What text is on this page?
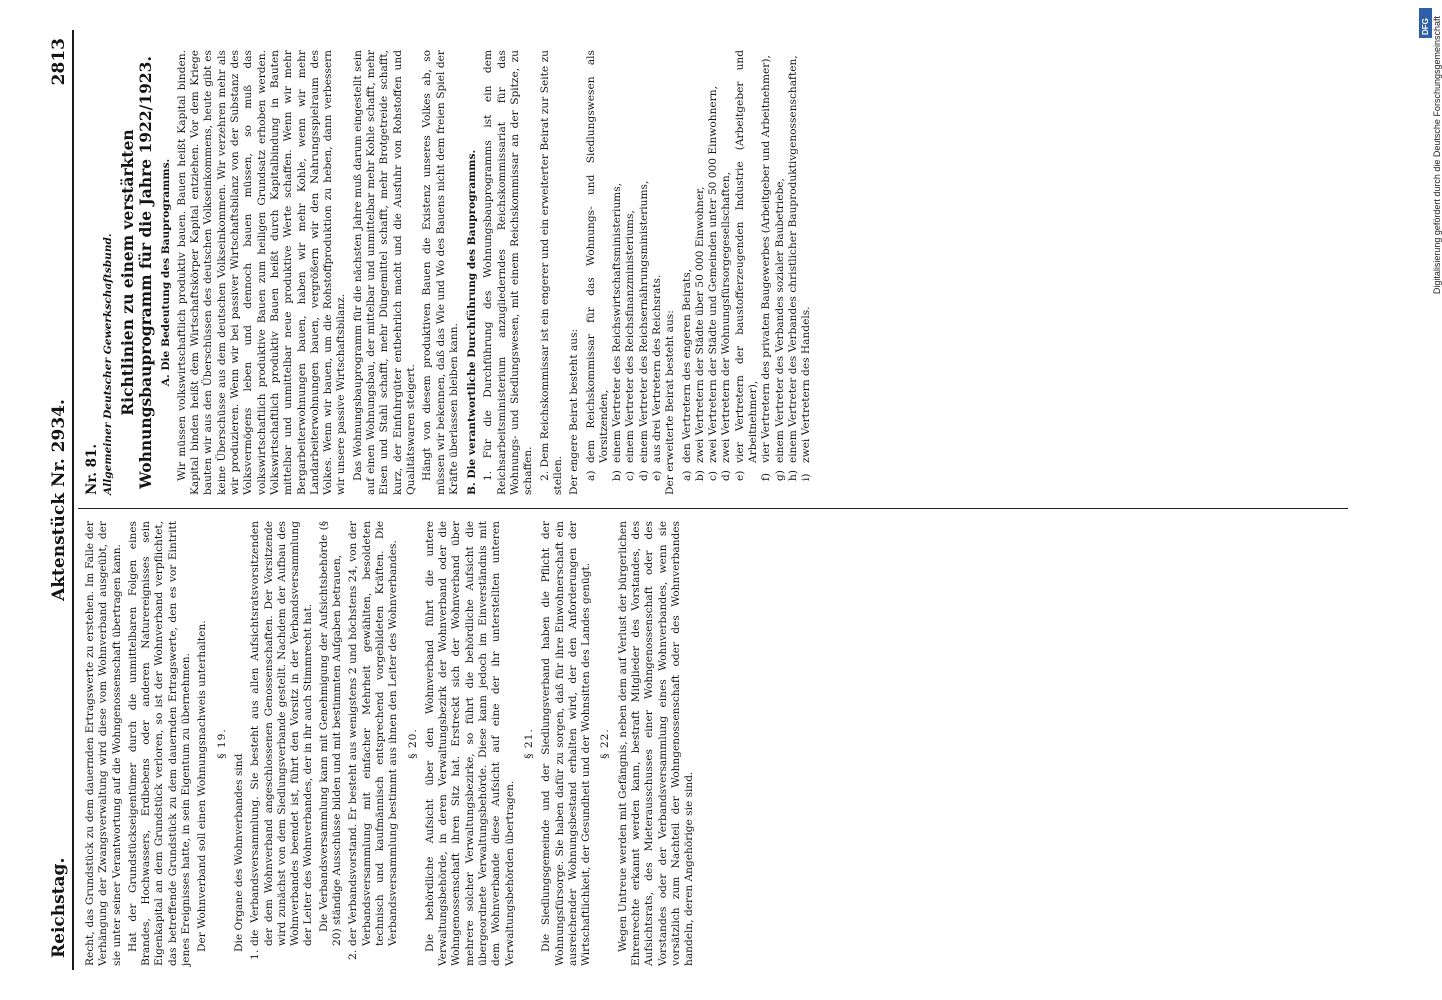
Reichstag.
Aktenstück Nr. 2934.
2813

Recht, das Grundstück zu dem dauernden Ertragswerte zu erstehen. Im Falle der Verhängung der Zwangsverwaltung wird diese vom Wohnverband ausgeübt, der sie unter seiner Verantwortung auf die Wohngenossenschaft übertragen kann. Hat der Grundstückseigentümer durch die unmittelbaren Folgen eines Brandes, Hochwassers, Erdbebens oder anderen Naturereignisses sein Eigenkapital an dem Grundstück verloren, so ist der Wohnverband verpflichtet, das betreffende Grundstück zu dem dauernden Ertragswerte, den es vor Eintritt jenes Ereignisses hatte, in sein Eigentum zu übernehmen. Der Wohnverband soll einen Wohnungsnachweis unterhalten. § 19.

Die Organe des Wohnverbandes sind

1.die Verbandsversammlung. Sie besteht aus allen Aufsichtsratsvorsitzenden der dem Wohnverband angeschlossenen Genossenschaften. Der Vorsitzende wird zunächst von dem Siedlungsverbande gestellt. Nachdem der Aufbau des Wohnverbandes beendet ist, führt den Vorsitz in der Verbandsversammlung der Leiter des Wohnverbandes, der in ihr auch Stimmrecht hat. Die Verbandsversammlung kann mit Genehmigung der Aufsichtsbehörde (§ 20) ständige Ausschüsse bilden und mit bestimmten Aufgaben betrauen,

2.der Verbandsvorstand. Er besteht aus wenigstens 2 und höchstens 24, von der Verbandsversammlung mit einfacher Mehrheit gewählten, besoldeten technisch und kaufmännisch entsprechend vorgebildeten Kräften. Die Verbandsversammlung bestimmt aus ihnen den Leiter des Wohnverbandes. § 20. Die behördliche Aufsicht über den Wohnverband führt die untere Verwaltungsbehörde, in deren Verwaltungsbezirk der Wohnverband oder die Wohngenossenschaft ihren Sitz hat. Erstreckt sich der Wohnverband über mehrere solcher Verwaltungsbezirke, so führt die behördliche Aufsicht die übergeordnete Verwaltungsbehörde. Diese kann jedoch im Einverständnis mit dem Wohnverbande diese Aufsicht auf eine der ihr unterstellten unteren Verwaltungsbehörden übertragen.

§ 21. Die Siedlungsgemeinde und der Siedlungsverband haben die Pflicht der Wohnungsfürsorge. Sie haben dafür zu sorgen, daß für ihre Einwohnerschaft ein ausreichender Wohnungsbestand erhalten wird, der den Anforderungen der Wirtschaftlichkeit, der Gesundheit und der Wohnsitten des Landes genügt. § 22. Wegen Untreue werden mit Gefängnis, neben dem auf Verlust der bürgerlichen Ehrenrechte erkannt werden kann, bestraft Mitglieder des Vorstandes, des Aufsichtsrats, des Mieterausschusses einer Wohngenossenschaft oder des Vorstandes oder der Verbandsversammlung eines Wohnverbandes, wenn sie vorsätzlich zum Nachteil der Wohngenossenschaft oder des Wohnverbandes handeln, deren Angehörige sie sind.

Nr. 81. Allgemeiner Deutscher Gewerkschaftsbund. Richtlinien zu einem verstärkten Wohnungsbauprogramm für die Jahre 1922/1923. A. Die Bedeutung des Bauprogramms. Wir müssen volkswirtschaftlich produktiv bauen. Bauen heißt Kapital binden. Kapital binden heißt dem Wirtschaftskörper Kapital entziehen. Vor dem Kriege bauten wir aus den Überschüssen des deutschen Volkseinkommens, heute gibt es keine Überschüsse aus dem deutschen Volkseinkommen. Wir verzehren mehr als wir produzieren. Wenn wir bei passiver Wirtschaftsbilanz von der Substanz des Volksvermögens leben und dennoch bauen müssen, so muß das volkswirtschaftlich produktive Bauen zum heiligen Grundsatz erhoben werden. Volkswirtschaftlich produktiv Bauen heißt durch Kapitalbindung in Bauten mittelbar und unmittelbar neue produktive Werte schaffen. Wenn wir mehr Bergarbeiterwohnungen bauen, haben wir mehr Kohle, wenn wir mehr Landarbeiterwohnungen bauen, vergrößern wir den Nahrungsspielraum des Volkes. Wenn wir bauen, um die Rohstoffproduktion zu heben, dann verbessern wir unsere passive Wirtschaftsbilanz. Das Wohnungsbauprogramm für die nächsten Jahre muß darum eingestellt sein auf einen Wohnungsbau, der mittelbar und unmittelbar mehr Kohle schafft, mehr Eisen und Stahl schafft, mehr Düngemittel schafft, mehr Brotgetreide schafft, kurz, der Einfuhrgüter entbehrlich macht und die Ausfuhr von Rohstoffen und Qualitätswaren steigert. Hängt von diesem produktiven Bauen die Existenz unseres Volkes ab, so müssen wir bekennen, daß das Wie und Wo des Bauens nicht dem freien Spiel der Kräfte überlassen bleiben kann. B. Die verantwortliche Durchführung des Bauprogramms. 1. Für die Durchführung des Wohnungsbauprogramms ist ein dem Reichsarbeitsministerium anzugliederndes Reichskommissariat für das Wohnungs- und Siedlungswesen, mit einem Reichskommissar an der Spitze, zu schaffen. 2. Dem Reichskommissar ist ein engerer und ein erweiterter Beirat zur Seite zu stellen. Der engere Beirat besteht aus: a)dem Reichskommissar für das Wohnungs- und Siedlungswesen als Vorsitzenden,
b)einem Vertreter des Reichswirtschaftsministeriums,
c)einem Vertreter des Reichsfinanzministeriums,
d)einem Vertreter des Reichsernährungsministeriums,
e)aus drei Vertretern des Reichsrats. Der erweiterte Beirat besteht aus: a)den Vertretern des engeren Beirats,
b)zwei Vertretern der Städte über 50 000 Einwohner,
c)zwei Vertretern der Städte und Gemeinden unter 50 000 Einwohnern,
d)zwei Vertretern der Wohnungsfürsorgegesellschaften,
e)vier Vertretern der baustofferzeugenden Industrie (Arbeitgeber und Arbeitnehmer),
f)vier Vertretern des privaten Baugewerbes (Arbeitgeber und Arbeitnehmer),
g)einem Vertreter des Verbandes sozialer Baubetriebe,
h)einem Vertreter des Verbandes christlicher Bauproduktivgenossenschaften,
i)zwei Vertretern des Handels.
DFG Digitalisierung gefördert durch die Deutsche Forschungsgemeinschaft
